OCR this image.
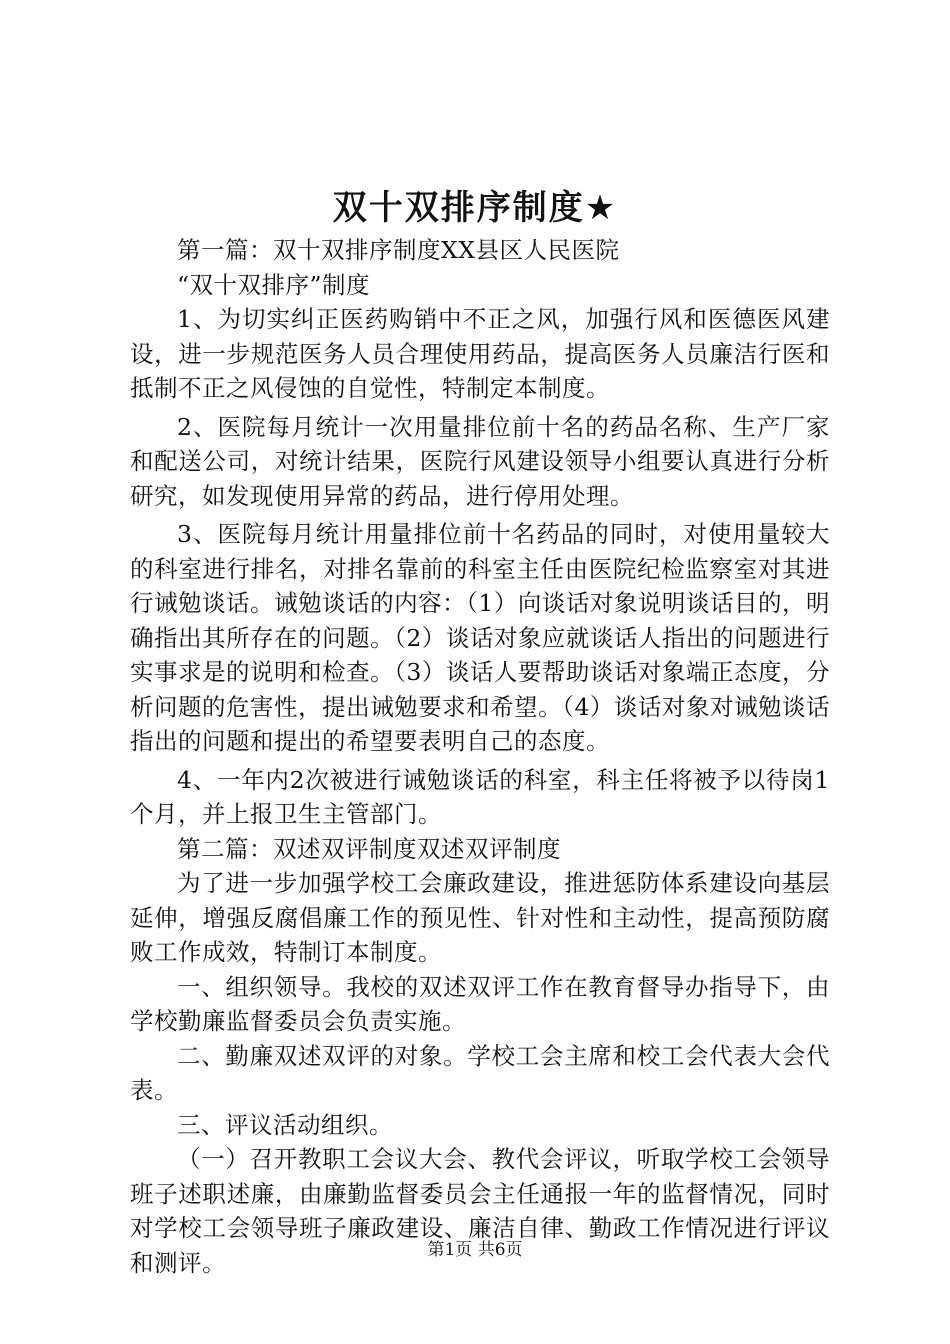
双十双排序制度★

第一篇：双十双排序制度XX县区人民医院

“双十双排序”制度

1、为切实纠正医药购销中不正之风，加强行风和医德医风建设，进一步规范医务人员合理使用药品，提高医务人员廉洁行医和抵制不正之风侵蚀的自觉性，特制定本制度。

2、医院每月统计一次用量排位前十名的药品名称、生产厂家和配送公司，对统计结果，医院行风建设领导小组要认真进行分析研究，如发现使用异常的药品，进行停用处理。

3、医院每月统计用量排位前十名药品的同时，对使用量较大的科室进行排名，对排名靠前的科室主任由医院纪检监察室对其进行诫勉谈话。诫勉谈话的内容：（1）向谈话对象说明谈话目的，明确指出其所存在的问题。（2）谈话对象应就谈话人指出的问题进行实事求是的说明和检查。（3）谈话人要帮助谈话对象端正态度，分析问题的危害性，提出诫勉要求和希望。（4）谈话对象对诫勉谈话指出的问题和提出的希望要表明自己的态度。

4、一年内2次被进行诫勉谈话的科室，科主任将被予以待岗1个月，并上报卫生主管部门。

第二篇：双述双评制度双述双评制度

为了进一步加强学校工会廉政建设，推进惩防体系建设向基层延伸，增强反腐倡廉工作的预见性、针对性和主动性，提高预防腐败工作成效，特制订本制度。

一、组织领导。我校的双述双评工作在教育督导办指导下，由学校勤廉监督委员会负责实施。

二、勤廉双述双评的对象。学校工会主席和校工会代表大会代表。

三、评议活动组织。

（一）召开教职工会议大会、教代会评议，听取学校工会领导班子述职述廉，由廉勤监督委员会主任通报一年的监督情况，同时对学校工会领导班子廉政建设、廉洁自律、勤政工作情况进行评议和测评。	第1页 共6页
